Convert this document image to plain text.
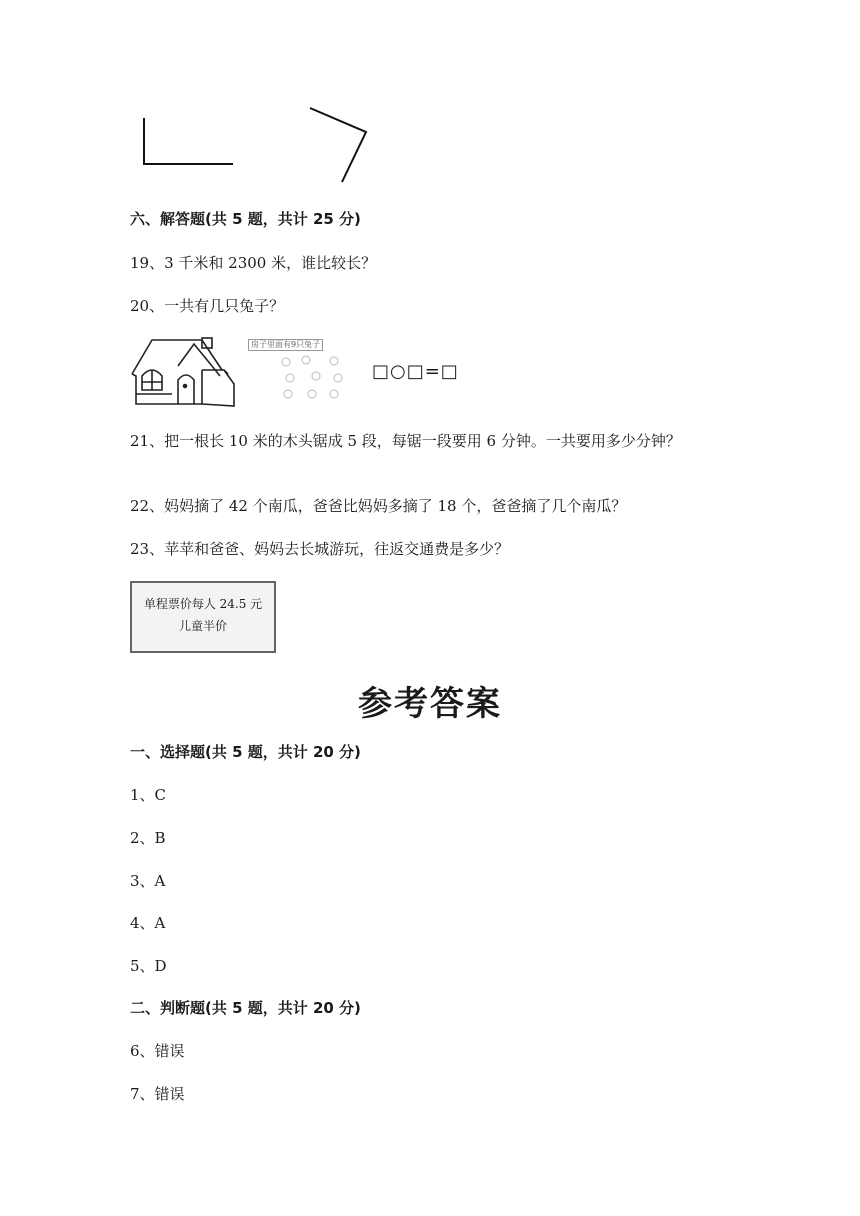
六、解答题(共 5 题，共计 25 分)
19、3 千米和 2300 米，谁比较长？
20、一共有几只兔子？
房子里面有9只兔子
□○□=□
21、把一根长 10 米的木头锯成 5 段，每锯一段要用 6 分钟。一共要用多少分钟？
22、妈妈摘了 42 个南瓜，爸爸比妈妈多摘了 18 个，爸爸摘了几个南瓜？
23、苹苹和爸爸、妈妈去长城游玩，往返交通费是多少？
单程票价每人 24.5 元
儿童半价
参考答案
一、选择题(共 5 题，共计 20 分)
1、C
2、B
3、A
4、A
5、D
二、判断题(共 5 题，共计 20 分)
6、错误
7、错误
